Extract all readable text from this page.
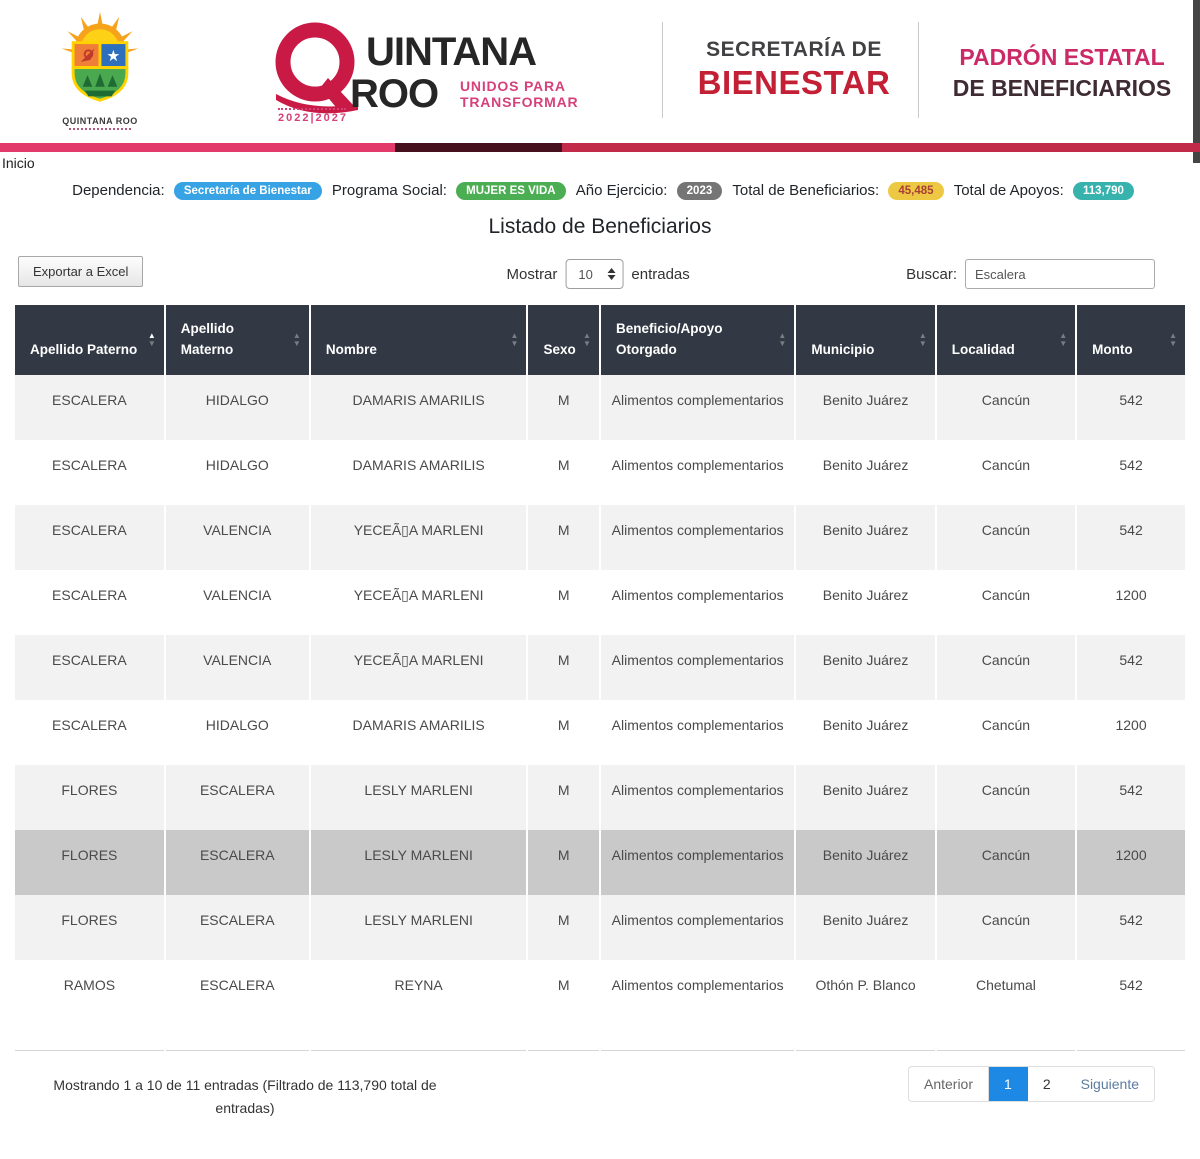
★
QUINTANA ROO
UINTANA
ROO UNIDOS PARA
TRANSFORMAR
2022|2027
SECRETARÍA DE
BIENESTAR
PADRÓN ESTATAL
DE BENEFICIARIOS
Inicio
Dependencia: Secretaría de Bienestar Programa Social: MUJER ES VIDA Año Ejercicio: 2023 Total de Beneficiarios: 45,485 Total de Apoyos: 113,790
Listado de Beneficiarios
Exportar a Excel	Mostrar 10	entradas	Buscar:
Escalera
Apellido Paterno
▲
▼	Apellido Materno
▲
▼	Nombre
▲
▼	Sexo
▲
▼	Beneficio/Apoyo Otorgado
▲
▼	Municipio
▲
▼	Localidad
▲
▼	Monto
▲
▼

ESCALERA	HIDALGO	DAMARIS AMARILIS	M	Alimentos complementarios	Benito Juárez	Cancún	542
ESCALERA	HIDALGO	DAMARIS AMARILIS	M	Alimentos complementarios	Benito Juárez	Cancún	542
ESCALERA	VALENCIA	YECEÃ▯A MARLENI	M	Alimentos complementarios	Benito Juárez	Cancún	542
ESCALERA	VALENCIA	YECEÃ▯A MARLENI	M	Alimentos complementarios	Benito Juárez	Cancún	1200
ESCALERA	VALENCIA	YECEÃ▯A MARLENI	M	Alimentos complementarios	Benito Juárez	Cancún	542
ESCALERA	HIDALGO	DAMARIS AMARILIS	M	Alimentos complementarios	Benito Juárez	Cancún	1200
FLORES	ESCALERA	LESLY MARLENI	M	Alimentos complementarios	Benito Juárez	Cancún	542
FLORES	ESCALERA	LESLY MARLENI	M	Alimentos complementarios	Benito Juárez	Cancún	1200
FLORES	ESCALERA	LESLY MARLENI	M	Alimentos complementarios	Benito Juárez	Cancún	542
RAMOS	ESCALERA	REYNA	M	Alimentos complementarios	Othón P. Blanco	Chetumal	542
Mostrando 1 a 10 de 11 entradas (Filtrado de 113,790 total de entradas)
Anterior	1	2	Siguiente
